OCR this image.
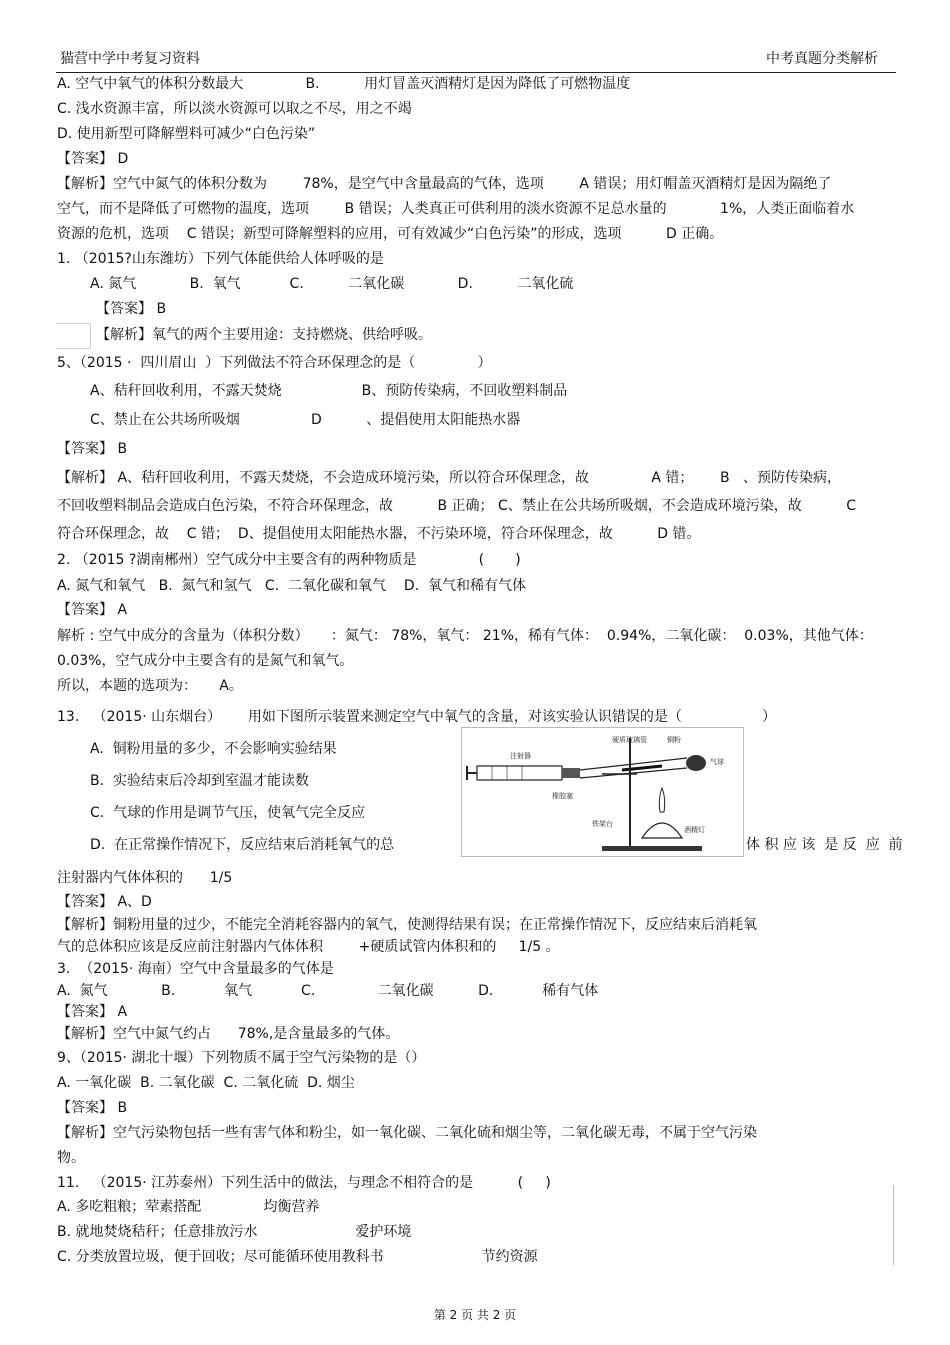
猫营中学中考复习资料	中考真题分类解析
A. 空气中氧气的体积分数最大              B.          用灯冒盖灭酒精灯是因为降低了可燃物温度
C. 浅水资源丰富，所以淡水资源可以取之不尽，用之不竭
D. 使用新型可降解塑料可减少“白色污染”
【答案】 D
【解析】空气中氮气的体积分数为        78%，是空气中含量最高的气体，选项        A 错误；用灯帽盖灭酒精灯是因为隔绝了
空气，而不是降低了可燃物的温度，选项        B 错误；人类真正可供利用的淡水资源不足总水量的            1%，人类正面临着水
资源的危机，选项    C 错误；新型可降解塑料的应用，可有效减少“白色污染”的形成，选项          D 正确。
1. （2015?山东潍坊）下列气体能供给人体呼吸的是
A. 氮气            B.  氧气           C.          二氧化碳            D.          二氧化硫
【答案】 B
【解析】氧气的两个主要用途：支持燃烧、供给呼吸。
5、（2015 ·  四川眉山  ）下列做法不符合环保理念的是（              ）
A、秸秆回收利用，不露天焚烧                  B、预防传染病，不回收塑料制品
C、禁止在公共场所吸烟                D          、提倡使用太阳能热水器
【答案】 B
【解析】 A、秸秆回收利用，不露天焚烧，不会造成环境污染，所以符合环保理念，故              A 错；      B   、预防传染病，
不回收塑料制品会造成白色污染，不符合环保理念，故          B 正确； C、禁止在公共场所吸烟，不会造成环境污染，故          C
符合环保理念，故    C 错；  D、提倡使用太阳能热水器，不污染环境，符合环保理念，故          D 错。
2. （2015 ?湖南郴州）空气成分中主要含有的两种物质是              (       )
A. 氮气和氧气   B.  氮气和氢气   C.  二氧化碳和氧气    D.  氧气和稀有气体
【答案】 A
解析 : 空气中成分的含量为（体积分数）     ：氮气： 78%，氧气： 21%，稀有气体：  0.94%，二氧化碳：  0.03%，其他气体：
0.03%，空气成分中主要含有的是氮气和氧气。
所以，本题的选项为：     A。
13.   （2015· 山东烟台）      用如下图所示装置来测定空气中氧气的含量，对该实验认识错误的是（                  ）
A.  铜粉用量的多少，不会影响实验结果
B.  实验结束后冷却到室温才能读数
C.  气球的作用是调节气压，使氧气完全反应
D.  在正常操作情况下，反应结束后消耗氧气的总	体 积 应 该  是 反  应  前
注射器内气体体积的      1/5
【答案】 A、D
【解析】铜粉用量的过少，不能完全消耗容器内的氧气，使测得结果有误；在正常操作情况下，反应结束后消耗氧
气的总体积应该是反应前注射器内气体体积        +硬质试管内体积和的     1/5 。
3.  （2015· 海南）空气中含量最多的气体是
A.  氮气            B.           氧气           C.              二氧化碳          D.           稀有气体
【答案】 A
【解析】空气中氮气约占      78%,是含量最多的气体。
9、（2015· 湖北十堰）下列物质不属于空气污染物的是（）
A. 一氧化碳  B. 二氧化碳  C. 二氧化硫  D. 烟尘
【答案】 B
【解析】空气污染物包括一些有害气体和粉尘，如一氧化碳、二氧化硫和烟尘等，二氧化碳无毒，不属于空气污染
物。
11.   （2015· 江苏泰州）下列生活中的做法，与理念不相符合的是          (     )
A. 多吃粗粮；荤素搭配              均衡营养
B. 就地焚烧秸秆；任意排放污水                      爱护环境
C. 分类放置垃圾，便于回收；尽可能循环使用教科书                      节约资源
注射器
硬质玻璃管	铜粉
气球
橡胶塞
铁架台
酒精灯
第 2 页 共 2 页
